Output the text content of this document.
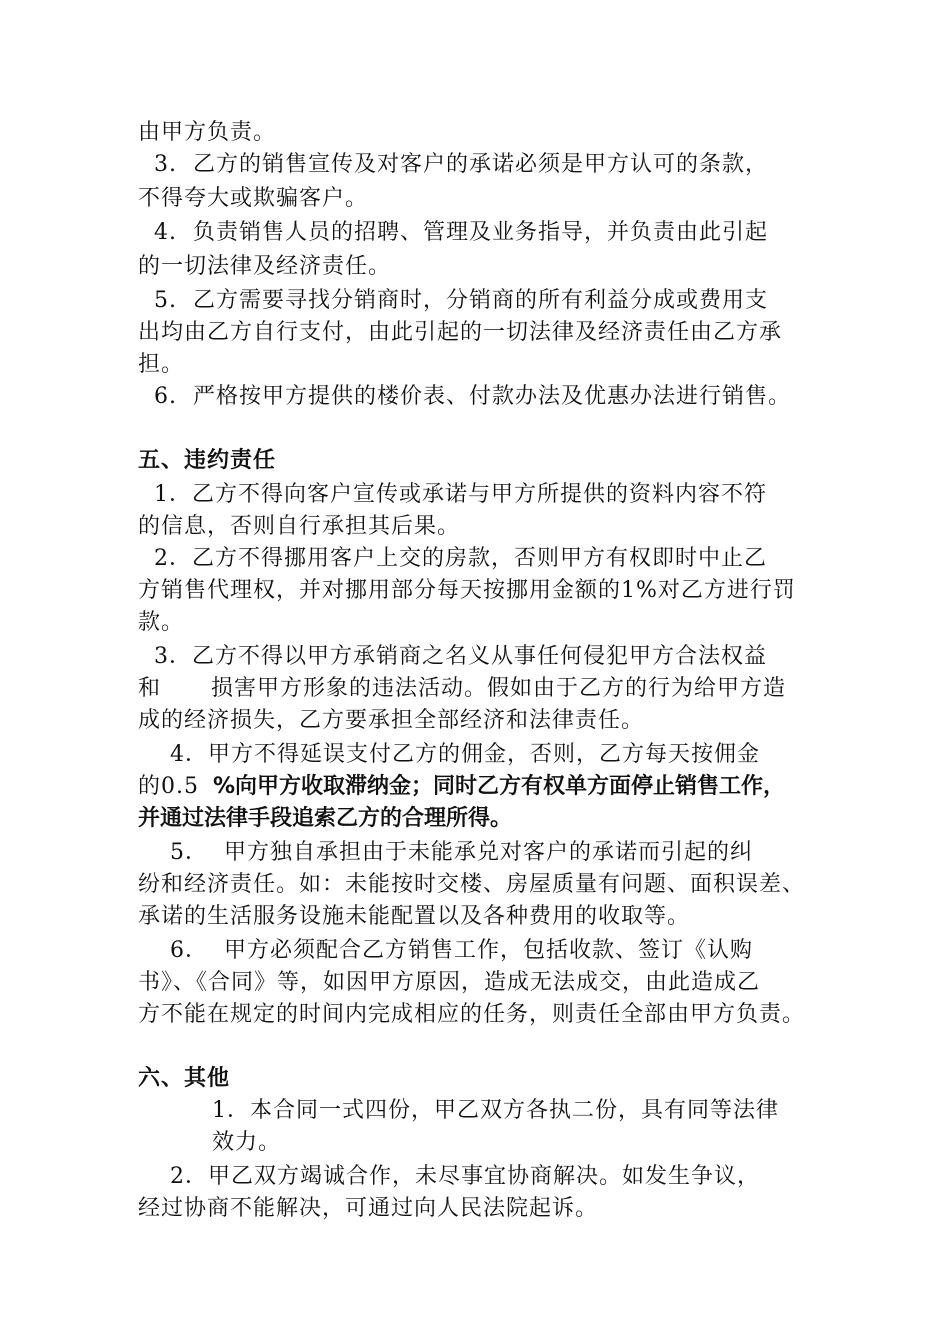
由甲方负责。
3.  乙方的销售宣传及对客户的承诺必须是甲方认可的条款，
不得夸大或欺骗客户。
4.  负责销售人员的招聘、管理及业务指导，并负责由此引起
的一切法律及经济责任。
5.  乙方需要寻找分销商时，分销商的所有利益分成或费用支
出均由乙方自行支付，由此引起的一切法律及经济责任由乙方承
担。
6.  严格按甲方提供的楼价表、付款办法及优惠办法进行销售。
五、违约责任
1．乙方不得向客户宣传或承诺与甲方所提供的资料内容不符
的信息，否则自行承担其后果。
2．乙方不得挪用客户上交的房款，否则甲方有权即时中止乙
方销售代理权，并对挪用部分每天按挪用金额的1%对乙方进行罚
款。
3．乙方不得以甲方承销商之名义从事任何侵犯甲方合法权益
和 损害甲方形象的违法活动。假如由于乙方的行为给甲方造
成的经济损失，乙方要承担全部经济和法律责任。
4．甲方不得延误支付乙方的佣金，否则，乙方每天按佣金
的0.5 %向甲方收取滞纳金；同时乙方有权单方面停止销售工作，
并通过法律手段追索乙方的合理所得。
5．  甲方独自承担由于未能承兑对客户的承诺而引起的纠
纷和经济责任。如：未能按时交楼、房屋质量有问题、面积误差、
承诺的生活服务设施未能配置以及各种费用的收取等。
6．  甲方必须配合乙方销售工作，包括收款、签订《认购
书》、《合同》等，如因甲方原因，造成无法成交，由此造成乙
方不能在规定的时间内完成相应的任务，则责任全部由甲方负责。
六、其他
1．本合同一式四份，甲乙双方各执二份，具有同等法律
效力。
2．甲乙双方竭诚合作，未尽事宜协商解决。如发生争议，
经过协商不能解决，可通过向人民法院起诉。
